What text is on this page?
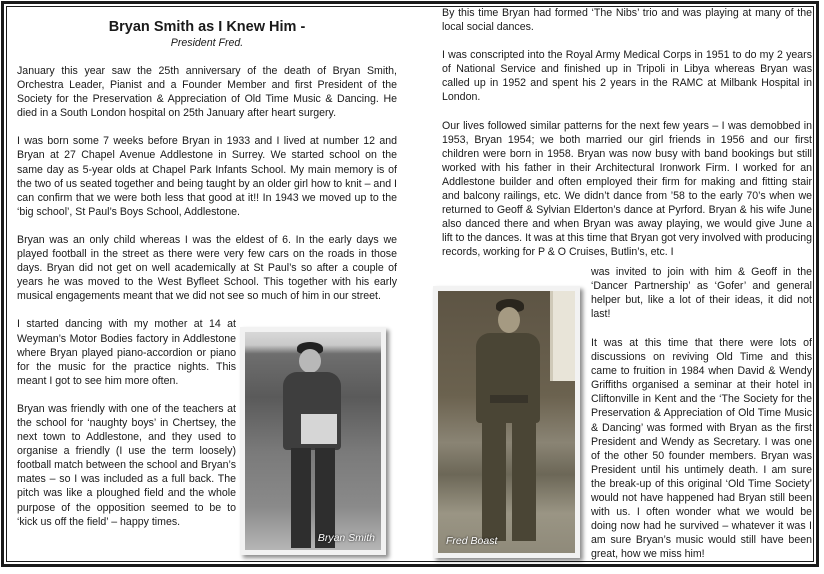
Bryan Smith as I Knew Him -
President Fred.

January this year saw the 25th anniversary of the death of Bryan Smith, Orchestra Leader, Pianist and a Founder Member and first President of the Society for the Preservation & Appreciation of Old Time Music & Dancing. He died in a South London hospital on 25th January after heart surgery.

I was born some 7 weeks before Bryan in 1933 and I lived at number 12 and Bryan at 27 Chapel Avenue Addlestone in Surrey. We started school on the same day as 5-year olds at Chapel Park Infants School. My main memory is of the two of us seated together and being taught by an older girl how to knit – and I can confirm that we were both less that good at it!! In 1943 we moved up to the ‘big school’, St Paul’s Boys School, Addlestone.

Bryan was an only child whereas I was the eldest of 6. In the early days we played football in the street as there were very few cars on the roads in those days. Bryan did not get on well academically at St Paul’s so after a couple of years he was moved to the West Byfleet School. This together with his early musical engagements meant that we did not see so much of him in our street.

I started dancing with my mother at 14 at Weyman’s Motor Bodies factory in Addlestone where Bryan played piano-accordion or piano for the music for the practice nights. This meant I got to see him more often.

Bryan was friendly with one of the teachers at the school for ‘naughty boys’ in Chertsey, the next town to Addlestone, and they used to organise a friendly (I use the term loosely) football match between the school and Bryan’s mates – so I was included as a full back. The pitch was like a ploughed field and the whole purpose of the opposition seemed to be to ‘kick us off the field’ – happy times.

Bryan Smith

By this time Bryan had formed ‘The Nibs’ trio and was playing at many of the local social dances.

I was conscripted into the Royal Army Medical Corps in 1951 to do my 2 years of National Service and finished up in Tripoli in Libya whereas Bryan was called up in 1952 and spent his 2 years in the RAMC at Milbank Hospital in London.

Our lives followed similar patterns for the next few years – I was demobbed in 1953, Bryan 1954; we both married our girl friends in 1956 and our first children were born in 1958. Bryan was now busy with band bookings but still worked with his father in their Architectural Ironwork Firm. I worked for an Addlestone builder and often employed their firm for making and fitting stair and balcony railings, etc. We didn’t dance from ’58 to the early 70’s when we returned to Geoff & Sylvian Elderton’s dance at Pyrford. Bryan & his wife June also danced there and when Bryan was away playing, we would give June a lift to the dances. It was at this time that Bryan got very involved with producing records, working for P & O Cruises, Butlin’s, etc. I

was invited to join with him & Geoff in the ‘Dancer Partnership’ as ‘Gofer’ and general helper but, like a lot of their ideas, it did not last!
It was at this time that there were lots of discussions on reviving Old Time and this came to fruition in 1984 when David & Wendy Griffiths organised a seminar at their hotel in Cliftonville in Kent and the ‘The Society for the Preservation & Appreciation of Old Time Music & Dancing’ was formed with Bryan as the first President and Wendy as Secretary. I was one of the other 50 founder members. Bryan was President until his untimely death. I am sure the break-up of this original ‘Old Time Society’ would not have happened had Bryan still been with us. I often wonder what we would be doing now had he survived – whatever it was I am sure Bryan’s music would still have been great, how we miss him!
Fred Boast
